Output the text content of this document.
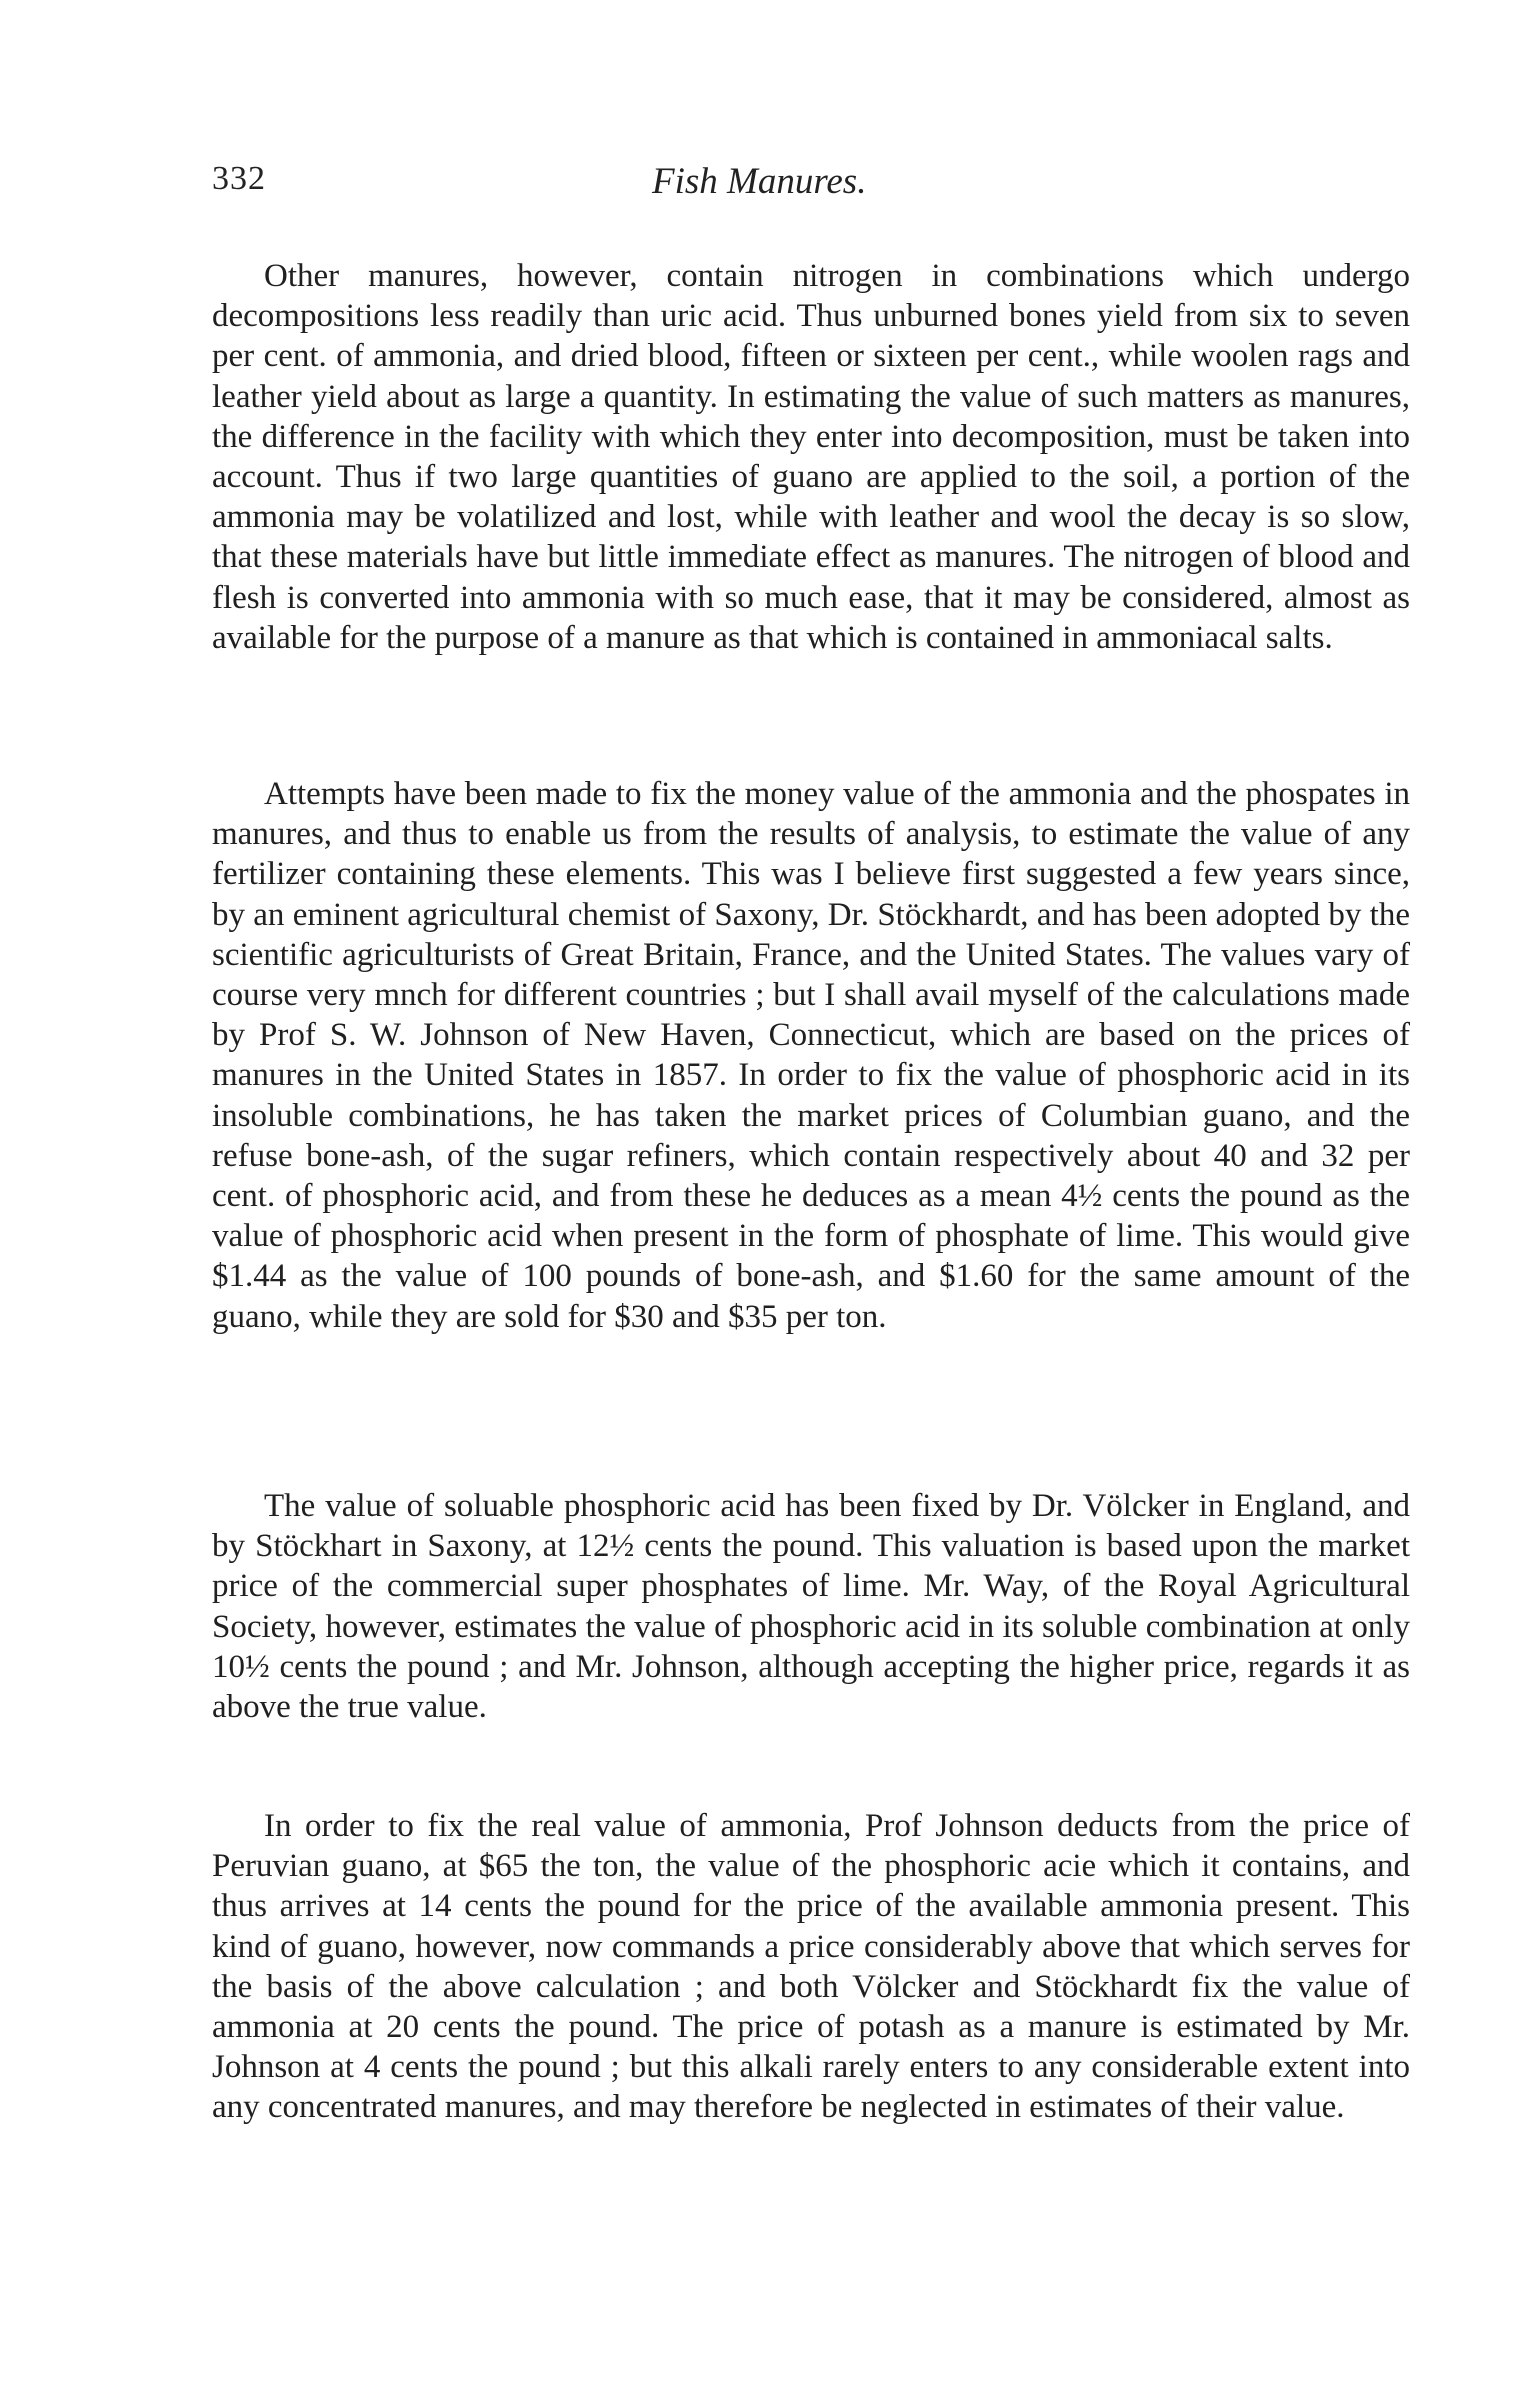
332	Fish Manures.

Other manures, however, contain nitrogen in combinations which undergo decompositions less readily than uric acid. Thus unburned bones yield from six to seven per cent. of ammonia, and dried blood, fifteen or sixteen per cent., while woolen rags and leather yield about as large a quantity. In estimating the value of such matters as manures, the difference in the facility with which they enter into decomposition, must be taken into account. Thus if two large quantities of guano are applied to the soil, a portion of the ammonia may be volatilized and lost, while with leather and wool the decay is so slow, that these materials have but little immediate effect as manures. The nitrogen of blood and flesh is converted into ammonia with so much ease, that it may be considered, almost as available for the purpose of a manure as that which is contained in ammoniacal salts.

Attempts have been made to fix the money value of the ammonia and the phospates in manures, and thus to enable us from the results of analysis, to estimate the value of any fertilizer containing these elements. This was I believe first suggested a few years since, by an eminent agricultural chemist of Saxony, Dr. Stöckhardt, and has been adopted by the scientific agriculturists of Great Britain, France, and the United States. The values vary of course very mnch for different countries ; but I shall avail myself of the calculations made by Prof S. W. Johnson of New Haven, Connecticut, which are based on the prices of manures in the United States in 1857. In order to fix the value of phosphoric acid in its insoluble combinations, he has taken the market prices of Columbian guano, and the refuse bone-ash, of the sugar refiners, which contain respectively about 40 and 32 per cent. of phosphoric acid, and from these he deduces as a mean 4½ cents the pound as the value of phosphoric acid when present in the form of phosphate of lime. This would give $1.44 as the value of 100 pounds of bone-ash, and $1.60 for the same amount of the guano, while they are sold for $30 and $35 per ton.

The value of soluable phosphoric acid has been fixed by Dr. Völcker in England, and by Stöckhart in Saxony, at 12½ cents the pound. This valuation is based upon the market price of the commercial super phosphates of lime. Mr. Way, of the Royal Agricultural Society, however, estimates the value of phosphoric acid in its soluble combination at only 10½ cents the pound ; and Mr. Johnson, although accepting the higher price, regards it as above the true value.

In order to fix the real value of ammonia, Prof Johnson deducts from the price of Peruvian guano, at $65 the ton, the value of the phosphoric acie which it contains, and thus arrives at 14 cents the pound for the price of the available ammonia present. This kind of guano, however, now commands a price considerably above that which serves for the basis of the above calculation ; and both Völcker and Stöckhardt fix the value of ammonia at 20 cents the pound. The price of potash as a manure is estimated by Mr. Johnson at 4 cents the pound ; but this alkali rarely enters to any considerable extent into any concentrated manures, and may therefore be neglected in estimates of their value.
